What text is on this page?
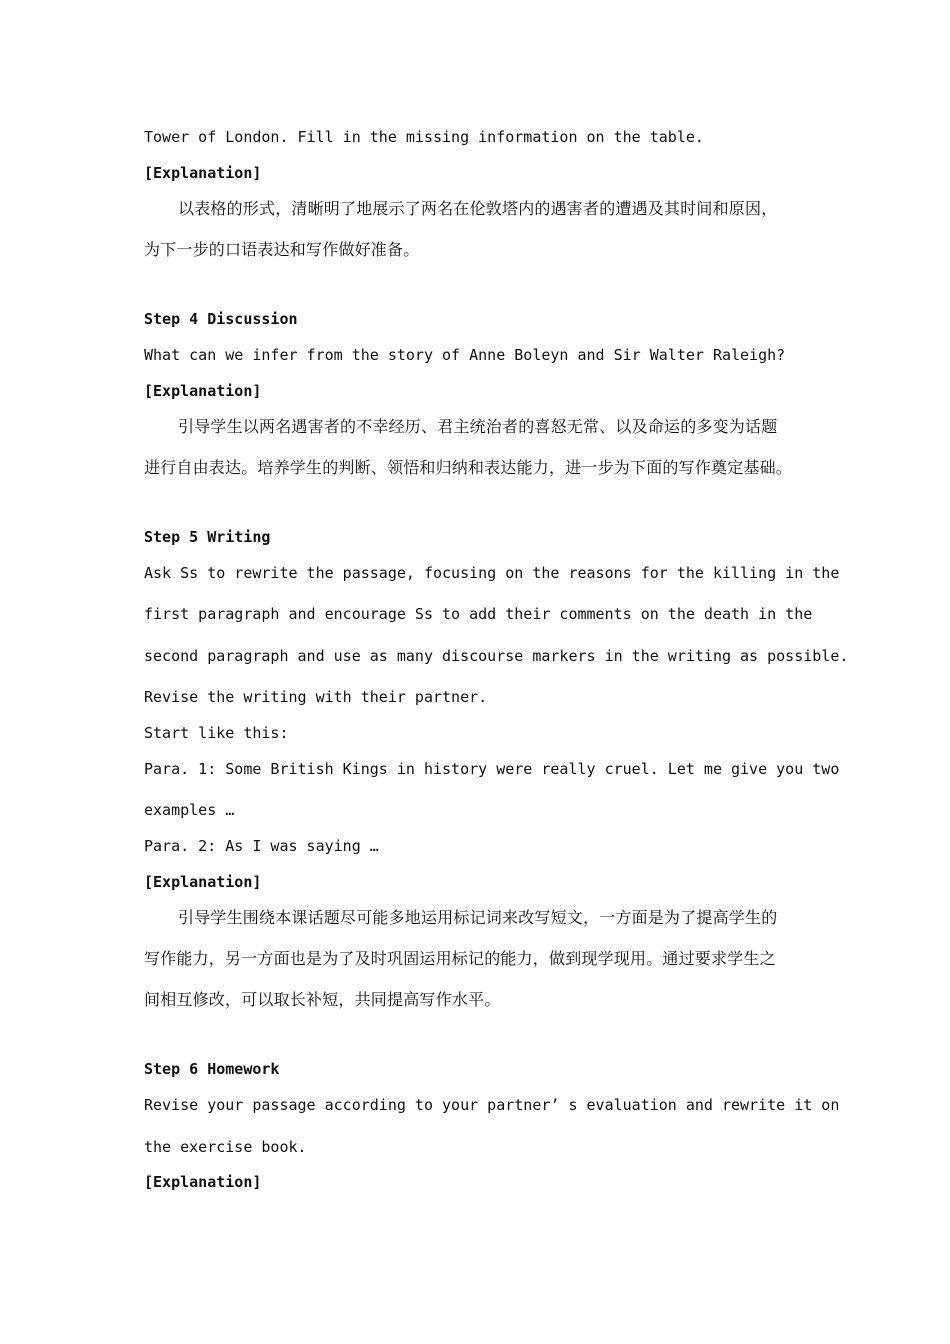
Tower of London. Fill in the missing information on the table.
[Explanation]
以表格的形式，清晰明了地展示了两名在伦敦塔内的遇害者的遭遇及其时间和原因，
为下一步的口语表达和写作做好准备。
Step 4 Discussion
What can we infer from the story of Anne Boleyn and Sir Walter Raleigh?
[Explanation]
引导学生以两名遇害者的不幸经历、君主统治者的喜怒无常、以及命运的多变为话题
进行自由表达。培养学生的判断、领悟和归纳和表达能力，进一步为下面的写作奠定基础。
Step 5 Writing
Ask Ss to rewrite the passage, focusing on the reasons for the killing in the
first paragraph and encourage Ss to add their comments on the death in the
second paragraph and use as many discourse markers in the writing as possible.
Revise the writing with their partner.
Start like this:
Para. 1: Some British Kings in history were really cruel. Let me give you two
examples …
Para. 2: As I was saying …
[Explanation]
引导学生围绕本课话题尽可能多地运用标记词来改写短文，一方面是为了提高学生的
写作能力，另一方面也是为了及时巩固运用标记的能力，做到现学现用。通过要求学生之
间相互修改，可以取长补短，共同提高写作水平。
Step 6 Homework
Revise your passage according to your partner’ s evaluation and rewrite it on
the exercise book.
[Explanation]
